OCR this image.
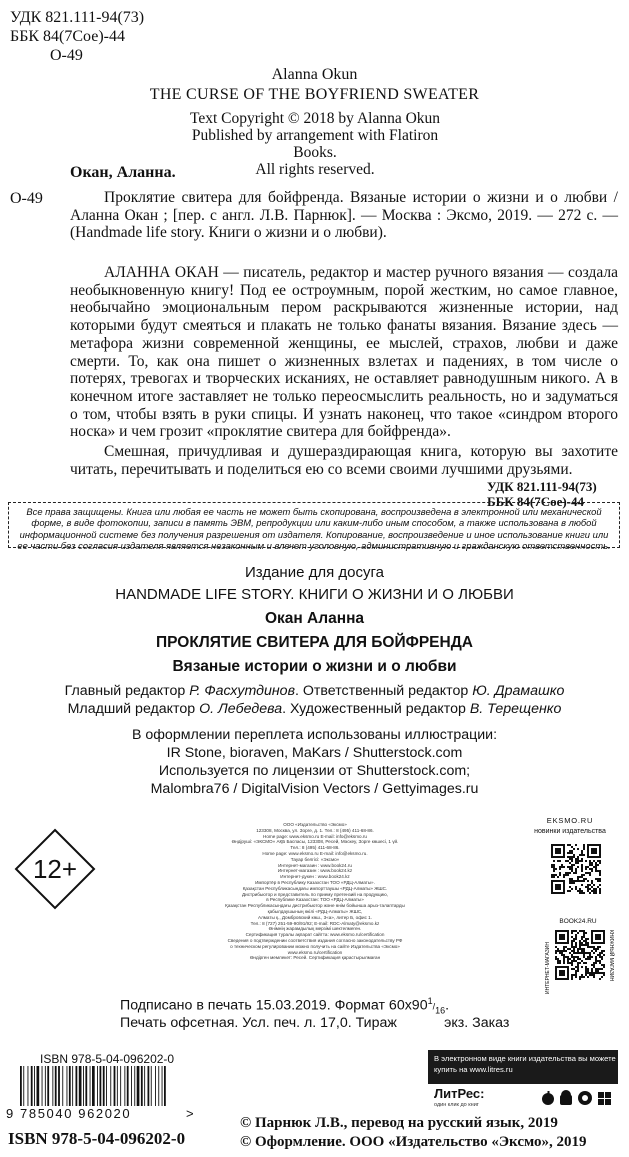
УДК 821.111-94(73)
ББК 84(7Сое)-44
О-49
Alanna Okun
THE CURSE OF THE BOYFRIEND SWEATER
Text Copyright © 2018 by Alanna Okun
Published by arrangement with Flatiron Books.
All rights reserved.
Окан, Аланна.
О-49	Проклятие свитера для бойфренда. Вязаные истории о жизни и о любви / Аланна Окан ; [пер. с англ. Л.В. Парнюк]. — Москва : Эксмо, 2019. — 272 с. — (Handmade life story. Книги о жизни и о любви).
АЛАННА ОКАН — писатель, редактор и мастер ручного вязания — создала необыкновенную книгу! Под ее остроумным, порой жестким, но самое главное, необычайно эмоциональным пером раскрываются жизненные истории, над которыми будут смеяться и плакать не только фанаты вязания. Вязание здесь — метафора жизни современной женщины, ее мыслей, страхов, любви и даже смерти. То, как она пишет о жизненных взлетах и падениях, в том числе о потерях, тревогах и творческих исканиях, не оставляет равнодушным никого. А в конечном итоге заставляет не только переосмыслить реальность, но и задуматься о том, чтобы взять в руки спицы. И узнать наконец, что такое «синдром второго носка» и чем грозит «проклятие свитера для бойфренда».
Смешная, причудливая и душераздирающая книга, которую вы захотите читать, перечитывать и поделиться ею со всеми своими лучшими друзьями.
УДК 821.111-94(73)
ББК 84(7Сое)-44
Все права защищены. Книга или любая ее часть не может быть скопирована, воспроизведена в электронной или механической форме, в виде фотокопии, записи в память ЭВМ, репродукции или каким-либо иным способом, а также использована в любой информационной системе без получения разрешения от издателя. Копирование, воспроизведение и иное использование книги или ее части без согласия издателя является незаконным и влечет уголовную, административную и гражданскую ответственность.
Издание для досуга
HANDMADE LIFE STORY. КНИГИ О ЖИЗНИ И О ЛЮБВИ
Окан Аланна
ПРОКЛЯТИЕ СВИТЕРА ДЛЯ БОЙФРЕНДА
Вязаные истории о жизни и о любви
Главный редактор Р. Фасхутдинов. Ответственный редактор Ю. Драмашко
Младший редактор О. Лебедева. Художественный редактор В. Терещенко
В оформлении переплета использованы иллюстрации:
IR Stone, bioraven, MaKars / Shutterstock.com
Используется по лицензии от Shutterstock.com;
Malombra76 / DigitalVision Vectors / Gettyimages.ru
12+
ООО «Издательство «Эксмо»
123308, Москва, ул. Зорге, д. 1. Тел.: 8 (495) 411-68-86.
Home page: www.eksmo.ru E-mail: info@eksmo.ru
Өндіруші: «ЭКСМО» АҚБ Баспасы, 123308, Ресей, Мәскеу, Зорге көшесі, 1 үй.
Тел.: 8 (495) 411-68-86.
Home page: www.eksmo.ru E-mail: info@eksmo.ru.
Тауар белгісі: «Эксмо»
Интернет-магазин : www.book24.ru
Интернет-магазин : www.book24.kz
Интернет-дүкен : www.book24.kz
Импортёр в Республику Казахстан ТОО «РДЦ-Алматы».
Қазақстан Республикасындағы импорттаушы «РДЦ-Алматы» ЖШС.
Дистрибьютор и представитель по приему претензий на продукцию,
в Республике Казахстан: ТОО «РДЦ-Алматы»
Қазақстан Республикасындағы дистрибьютор және өнім бойынша арыз-талаптарды
қабылдаушының өкілі «РДЦ-Алматы» ЖШС,
Алматы қ., Домбровский көш., 3«а», литер Б, офис 1.
Тел.: 8 (727) 251-59-90/91/92; E-mail: RDC-Almaty@eksmo.kz
Өнімнің жарамдылық мерзімі шектелмеген.
Сертификация туралы ақпарат сайтта: www.eksmo.ru/certification
Сведения о подтверждении соответствия издания согласно законодательству РФ
о техническом регулировании можно получить на сайте Издательства «Эксмо»
www.eksmo.ru/certification
Өндірген мемлекет: Ресей. Сертификация қарастырылмаған
EKSMO.RU
новинки издательства
BOOK24.RU
ИНТЕРНЕТ-МАГАЗИН	КНИЖНЫЙ МАГАЗИН
Подписано в печать 15.03.2019. Формат $60x90^1/_{16}$.
Печать офсетная. Усл. печ. л. 17,0. Тираж            экз. Заказ
ISBN 978-5-04-096202-0
9 785040 962020	>
ISBN 978-5-04-096202-0
В электронном виде книги издательства вы можете
купить на www.litres.ru
ЛитРес:
один клик до книг
© Парнюк Л.В., перевод на русский язык, 2019
© Оформление. ООО «Издательство «Эксмо», 2019
